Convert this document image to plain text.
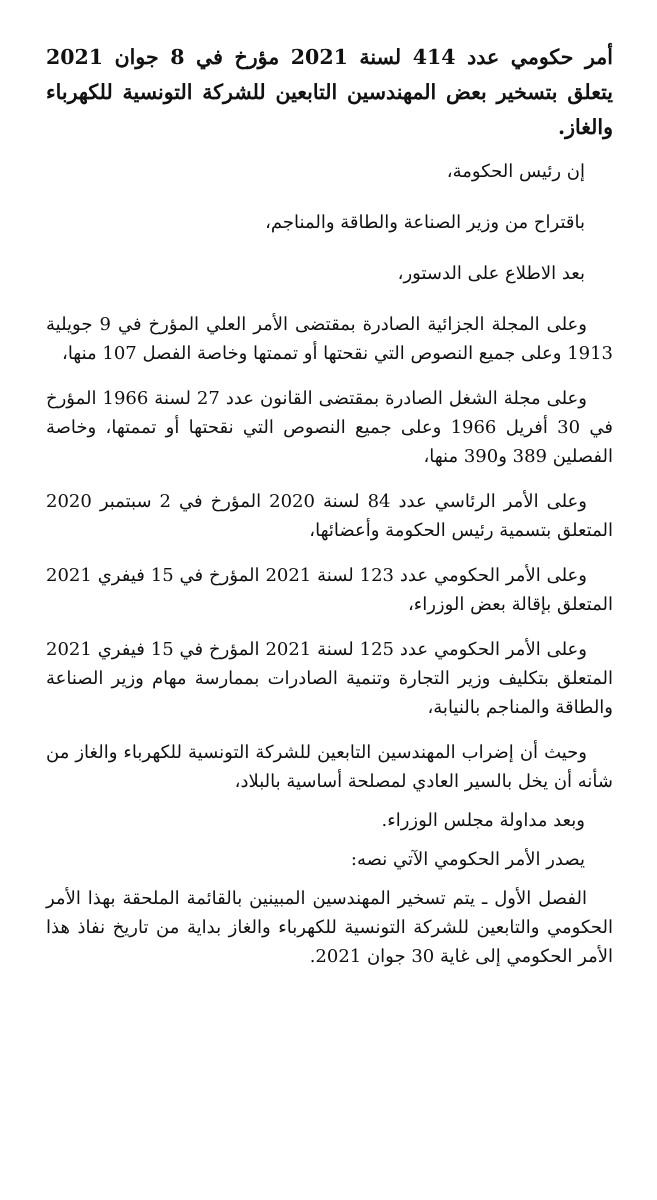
أمر حكومي عدد 414 لسنة 2021 مؤرخ في 8 جوان 2021 يتعلق بتسخير بعض المهندسين التابعين للشركة التونسية للكهرباء والغاز.

إن رئيس الحكومة،

باقتراح من وزير الصناعة والطاقة والمناجم،

بعد الاطلاع على الدستور،

وعلى المجلة الجزائية الصادرة بمقتضى الأمر العلي المؤرخ في 9 جويلية 1913 وعلى جميع النصوص التي نقحتها أو تممتها وخاصة الفصل 107 منها،

وعلى مجلة الشغل الصادرة بمقتضى القانون عدد 27 لسنة 1966 المؤرخ في 30 أفريل 1966 وعلى جميع النصوص التي نقحتها أو تممتها، وخاصة الفصلين 389 و390 منها،

وعلى الأمر الرئاسي عدد 84 لسنة 2020 المؤرخ في 2 سبتمبر 2020 المتعلق بتسمية رئيس الحكومة وأعضائها،

وعلى الأمر الحكومي عدد 123 لسنة 2021 المؤرخ في 15 فيفري 2021 المتعلق بإقالة بعض الوزراء،

وعلى الأمر الحكومي عدد 125 لسنة 2021 المؤرخ في 15 فيفري 2021 المتعلق بتكليف وزير التجارة وتنمية الصادرات بممارسة مهام وزير الصناعة والطاقة والمناجم بالنيابة،

وحيث أن إضراب المهندسين التابعين للشركة التونسية للكهرباء والغاز من شأنه أن يخل بالسير العادي لمصلحة أساسية بالبلاد،

وبعد مداولة مجلس الوزراء.

يصدر الأمر الحكومي الآتي نصه:

الفصل الأول ـ يتم تسخير المهندسين المبينين بالقائمة الملحقة بهذا الأمر الحكومي والتابعين للشركة التونسية للكهرباء والغاز بداية من تاريخ نفاذ هذا الأمر الحكومي إلى غاية 30 جوان 2021.
